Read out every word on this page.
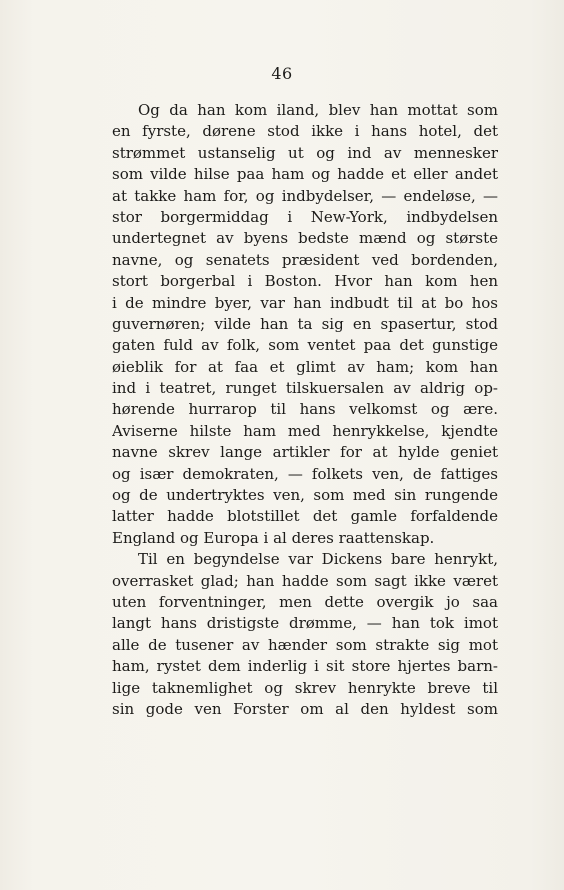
46
Og da han kom iland, blev han mottat som
en fyrste, dørene stod ikke i hans hotel, det
strømmet ustanselig ut og ind av mennesker
som vilde hilse paa ham og hadde et eller andet
at takke ham for, og indbydelser, — endeløse, —
stor borgermiddag i New-York, indbydelsen
undertegnet av byens bedste mænd og største
navne, og senatets præsident ved bordenden,
stort borgerbal i Boston. Hvor han kom hen
i de mindre byer, var han indbudt til at bo hos
guvernøren; vilde han ta sig en spasertur, stod
gaten fuld av folk, som ventet paa det gunstige
øieblik for at faa et glimt av ham; kom han
ind i teatret, runget tilskuersalen av aldrig op-
hørende hurrarop til hans velkomst og ære.
Aviserne hilste ham med henrykkelse, kjendte
navne skrev lange artikler for at hylde geniet
og især demokraten, — folkets ven, de fattiges
og de undertryktes ven, som med sin rungende
latter hadde blotstillet det gamle forfaldende
England og Europa i al deres raattenskap.
Til en begyndelse var Dickens bare henrykt,
overrasket glad; han hadde som sagt ikke været
uten forventninger, men dette overgik jo saa
langt hans dristigste drømme, — han tok imot
alle de tusener av hænder som strakte sig mot
ham, rystet dem inderlig i sit store hjertes barn-
lige taknemlighet og skrev henrykte breve til
sin gode ven Forster om al den hyldest som
